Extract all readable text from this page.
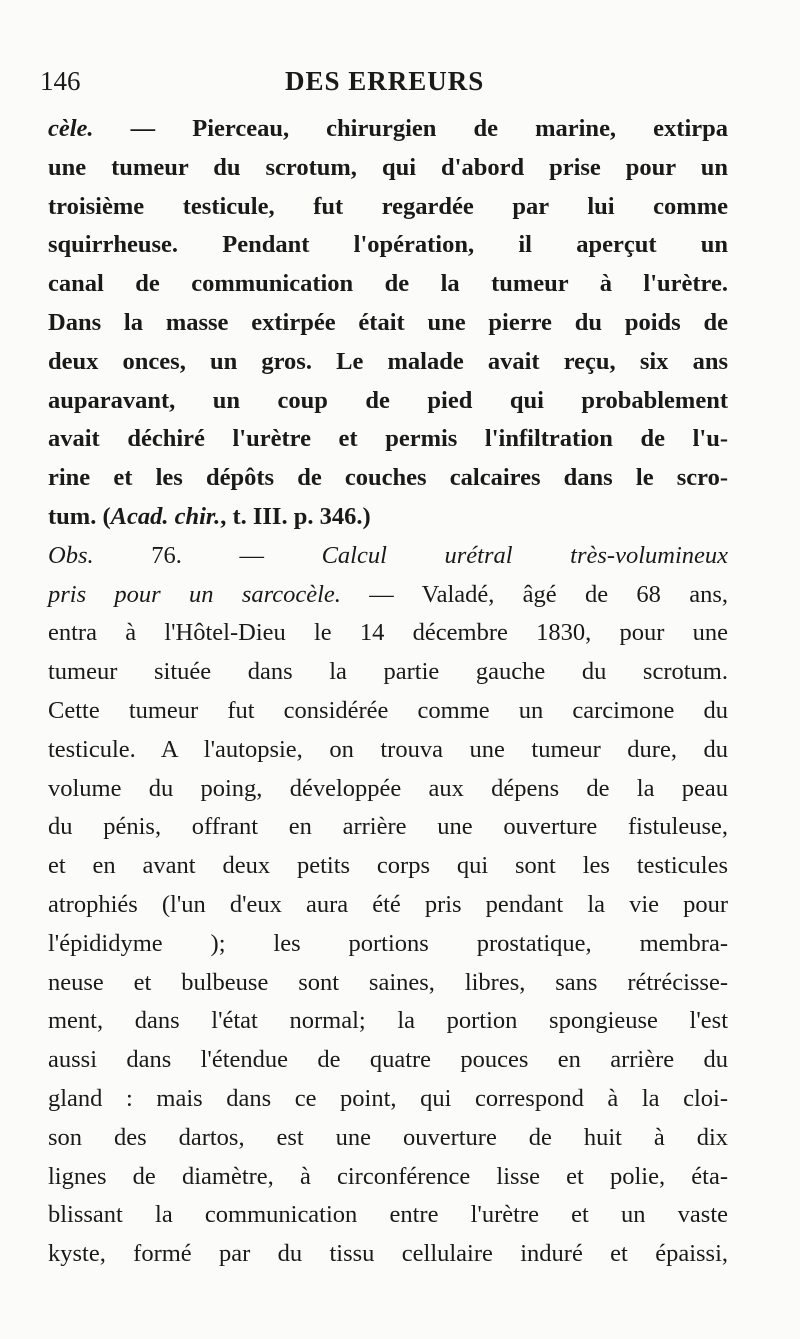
146	DES ERREURS
cèle. — Pierceau, chirurgien de marine, extirpa
une tumeur du scrotum, qui d'abord prise pour un
troisième testicule, fut regardée par lui comme
squirrheuse. Pendant l'opération, il aperçut un
canal de communication de la tumeur à l'urètre.
Dans la masse extirpée était une pierre du poids de
deux onces, un gros. Le malade avait reçu, six ans
auparavant, un coup de pied qui probablement
avait déchiré l'urètre et permis l'infiltration de l'u-
rine et les dépôts de couches calcaires dans le scro-
tum. (Acad. chir., t. III. p. 346.)
Obs. 76. — Calcul urétral très-volumineux
pris pour un sarcocèle. — Valadé, âgé de 68 ans,
entra à l'Hôtel-Dieu le 14 décembre 1830, pour une
tumeur située dans la partie gauche du scrotum.
Cette tumeur fut considérée comme un carcimone du
testicule. A l'autopsie, on trouva une tumeur dure, du
volume du poing, développée aux dépens de la peau
du pénis, offrant en arrière une ouverture fistuleuse,
et en avant deux petits corps qui sont les testicules
atrophiés (l'un d'eux aura été pris pendant la vie pour
l'épididyme ); les portions prostatique, membra-
neuse et bulbeuse sont saines, libres, sans rétrécisse-
ment, dans l'état normal; la portion spongieuse l'est
aussi dans l'étendue de quatre pouces en arrière du
gland : mais dans ce point, qui correspond à la cloi-
son des dartos, est une ouverture de huit à dix
lignes de diamètre, à circonférence lisse et polie, éta-
blissant la communication entre l'urètre et un vaste
kyste, formé par du tissu cellulaire induré et épaissi,
